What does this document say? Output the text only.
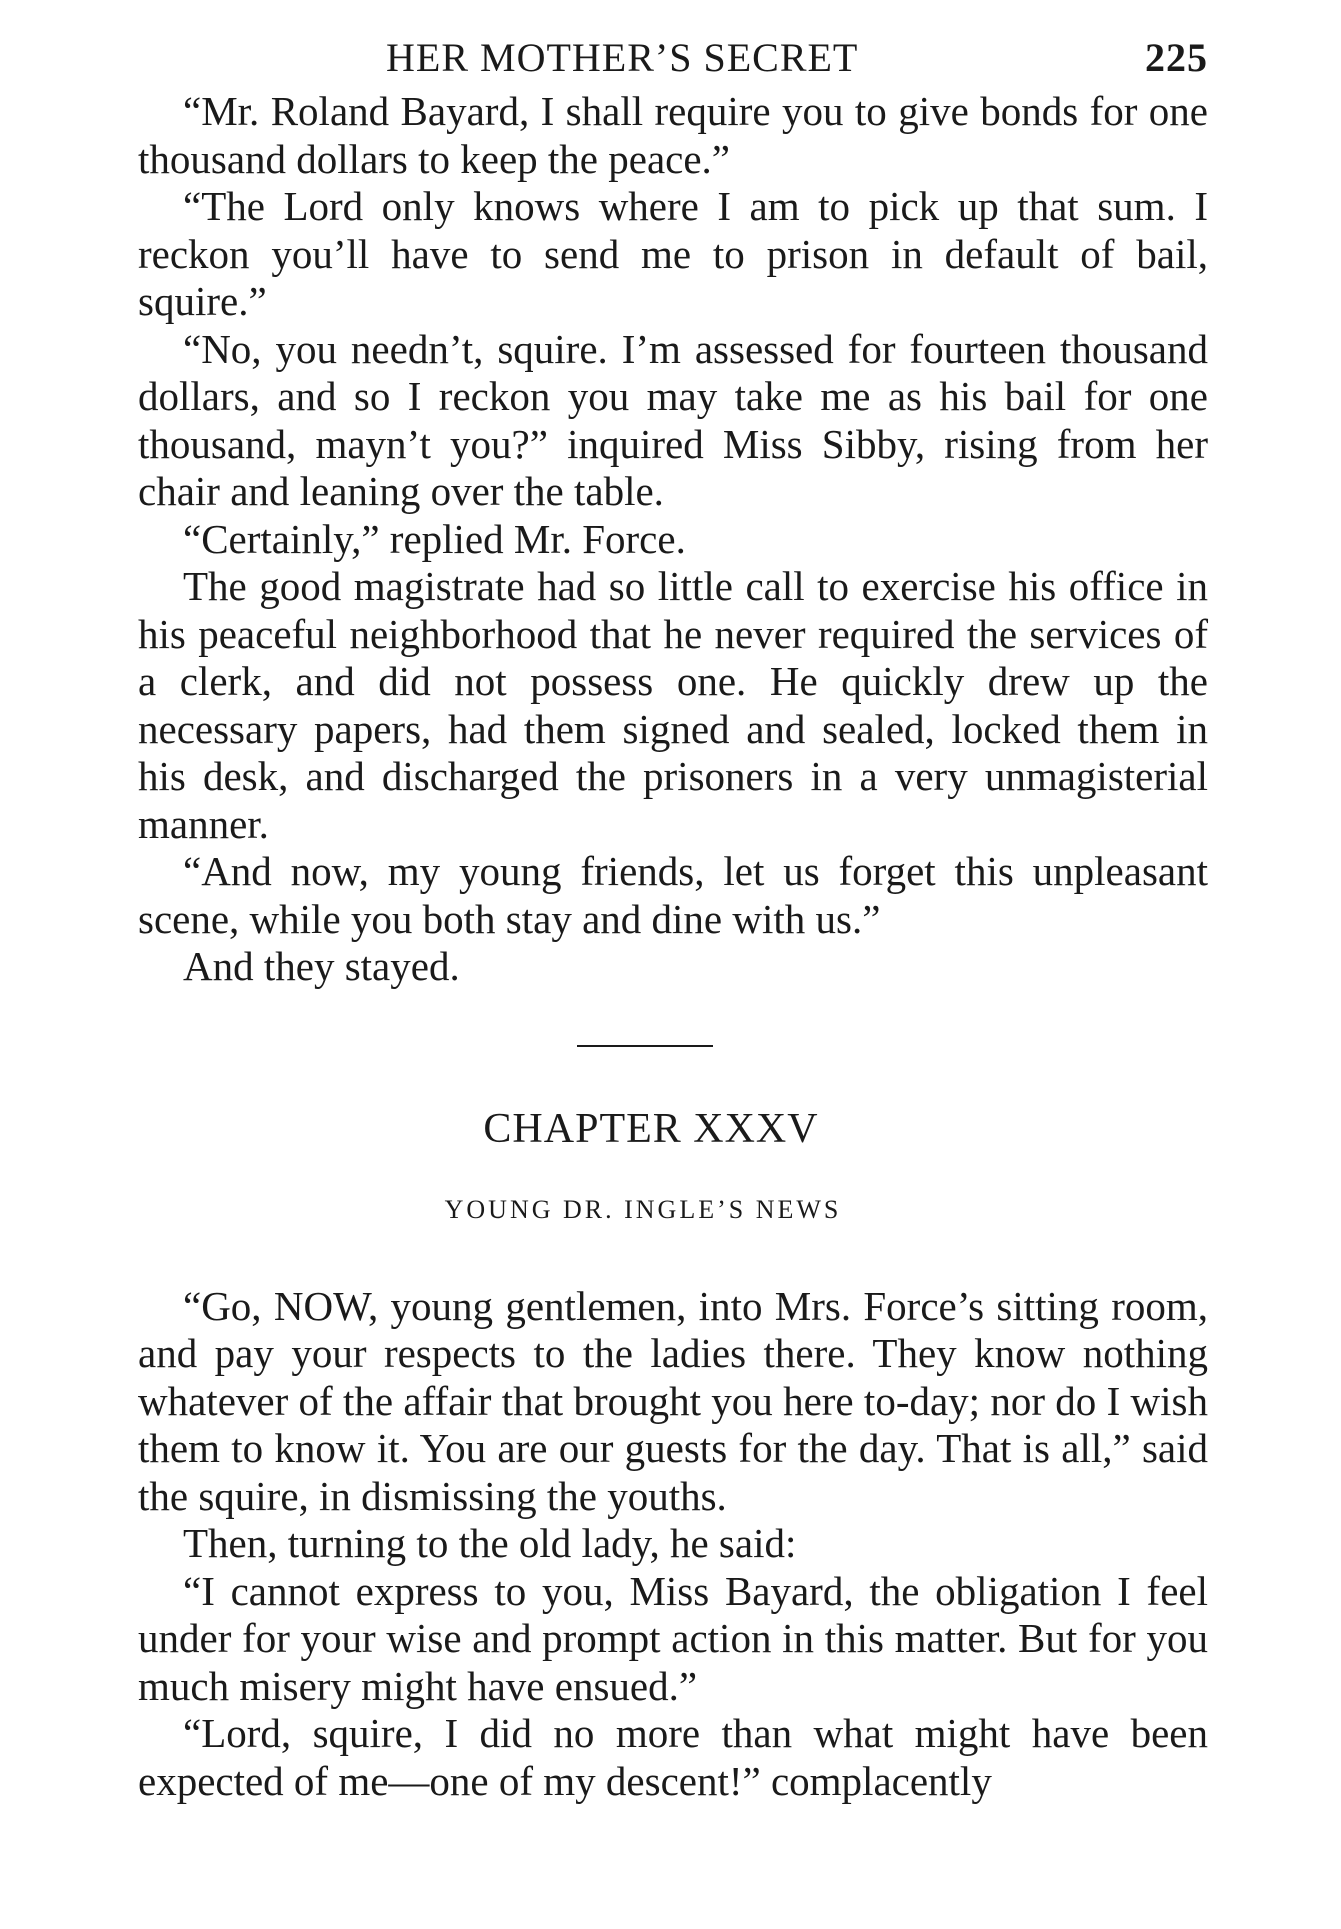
HER MOTHER’S SECRET	225

“Mr. Roland Bayard, I shall require you to give bonds for one thousand dollars to keep the peace.”

“The Lord only knows where I am to pick up that sum. I reckon you’ll have to send me to prison in default of bail, squire.”

“No, you needn’t, squire. I’m assessed for fourteen thousand dollars, and so I reckon you may take me as his bail for one thousand, mayn’t you?” inquired Miss Sibby, rising from her chair and leaning over the table.

“Certainly,” replied Mr. Force.

The good magistrate had so little call to exercise his office in his peaceful neighborhood that he never required the services of a clerk, and did not possess one. He quickly drew up the necessary papers, had them signed and sealed, locked them in his desk, and discharged the prisoners in a very unmagisterial manner.

“And now, my young friends, let us forget this unpleasant scene, while you both stay and dine with us.”

And they stayed.

CHAPTER XXXV
YOUNG DR. INGLE’S NEWS

“Go, NOW, young gentlemen, into Mrs. Force’s sitting room, and pay your respects to the ladies there. They know nothing whatever of the affair that brought you here to-day; nor do I wish them to know it. You are our guests for the day. That is all,” said the squire, in dismissing the youths.

Then, turning to the old lady, he said:

“I cannot express to you, Miss Bayard, the obligation I feel under for your wise and prompt action in this matter. But for you much misery might have ensued.”

“Lord, squire, I did no more than what might have been expected of me—one of my descent!” complacently
